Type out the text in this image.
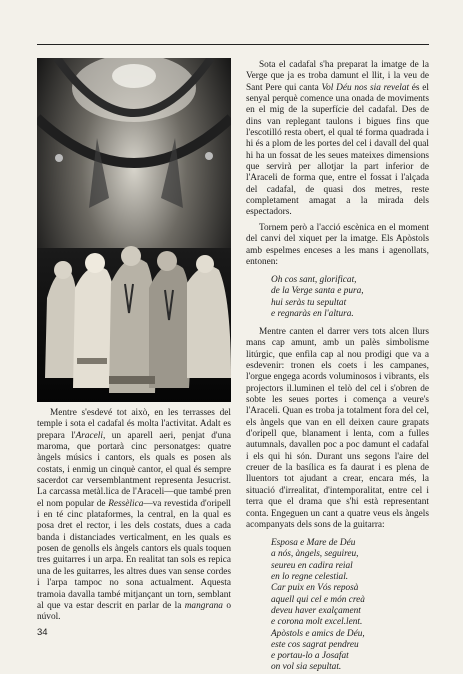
Mentre s'esdevé tot això, en les terrasses del temple i sota el cadafal és molta l'activitat. Adalt es prepara l'Araceli, un aparell aeri, penjat d'una maroma, que portarà cinc personatges: quatre àngels músics i cantors, els quals es posen als costats, i enmig un cinquè cantor, el qual és sempre sacerdot car versemblantment representa Jesucrist. La carcassa metàl.lica de l'Araceli—que també pren el nom popular de Ressèlica—va revestida d'oripell i en té cinc plataformes, la central, en la qual es posa dret el rector, i les dels costats, dues a cada banda i distanciades verticalment, en les quals es posen de genolls els àngels cantors els quals toquen tres guitarres i un arpa. En realitat tan sols es repica una de les guitarres, les altres dues van sense cordes i l'arpa tampoc no sona actualment. Aquesta tramoia davalla també mitjançant un torn, semblant al que va estar descrit en parlar de la mangrana o núvol.

Sota el cadafal s'ha preparat la imatge de la Verge que ja es troba damunt el llit, i la veu de Sant Pere qui canta Vol Déu nos sia revelat és el senyal perquè comence una onada de moviments en el mig de la superfície del cadafal. Des de dins van replegant taulons i bigues fins que l'escotilló resta obert, el qual té forma quadrada i hi és a plom de les portes del cel i davall del qual hi ha un fossat de les seues mateixes dimensions que servirà per allotjar la part inferior de l'Araceli de forma que, entre el fossat i l'alçada del cadafal, de quasi dos metres, reste completament amagat a la mirada dels espectadors.

Tornem però a l'acció escènica en el moment del canvi del xiquet per la imatge. Els Apòstols amb espelmes enceses a les mans i agenollats, entonen:

Oh cos sant, glorificat,
de la Verge santa e pura,
hui seràs tu sepultat
e regnaràs en l'altura.

Mentre canten el darrer vers tots alcen llurs mans cap amunt, amb un palès simbolisme litúrgic, que enfila cap al nou prodigi que va a esdevenir: tronen els coets i les campanes, l'orgue engega acords voluminosos i vibrants, els projectors il.luminen el telò del cel i s'obren de sobte les seues portes i comença a veure's l'Araceli. Quan es troba ja totalment fora del cel, els àngels que van en ell deixen caure grapats d'oripell que, blanament i lenta, com a fulles autumnals, davallen poc a poc damunt el cadafal i els qui hi són. Durant uns segons l'aire del creuer de la basílica es fa daurat i es plena de lluentors tot ajudant a crear, encara més, la situació d'irrealitat, d'intemporalitat, entre cel i terra que el drama que s'hi està representant conta. Engeguen un cant a quatre veus els àngels acompanyats dels sons de la guitarra:

Esposa e Mare de Déu
a nós, àngels, seguireu,
seureu en cadira reial
en lo regne celestial.
Car puix en Vós reposà
aquell qui cel e món creà
deveu haver exalçament
e corona molt excel.lent.
Apòstols e amics de Déu,
este cos sagrat pendreu
e portau-lo a Josafat
on vol sia sepultat.
34
